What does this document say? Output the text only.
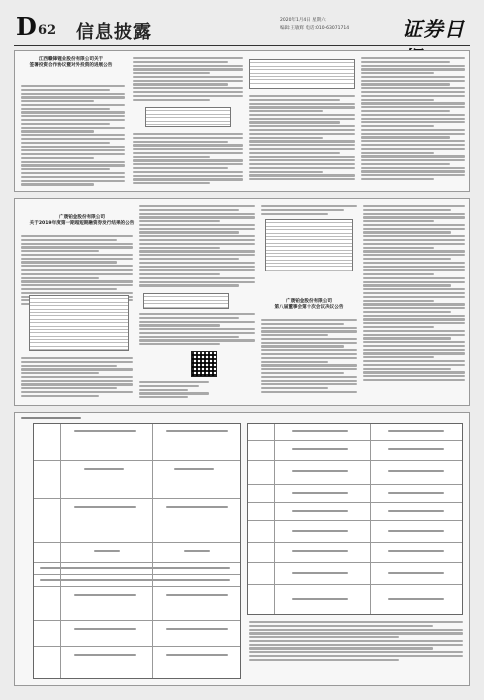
D 62 信息披露
2020年1月4日 星期六
编辑:王敏辉 电话:010-63071714	证券日
江西赣锋锂业股份有限公司关于
签署投资合作协议暨对外投资的进展公告
广晟铂金股份有限公司
关于2019年度第一期超短期融资券发行结果的公告
广晟铂金股份有限公司
第八届董事会第十次会议决议公告
